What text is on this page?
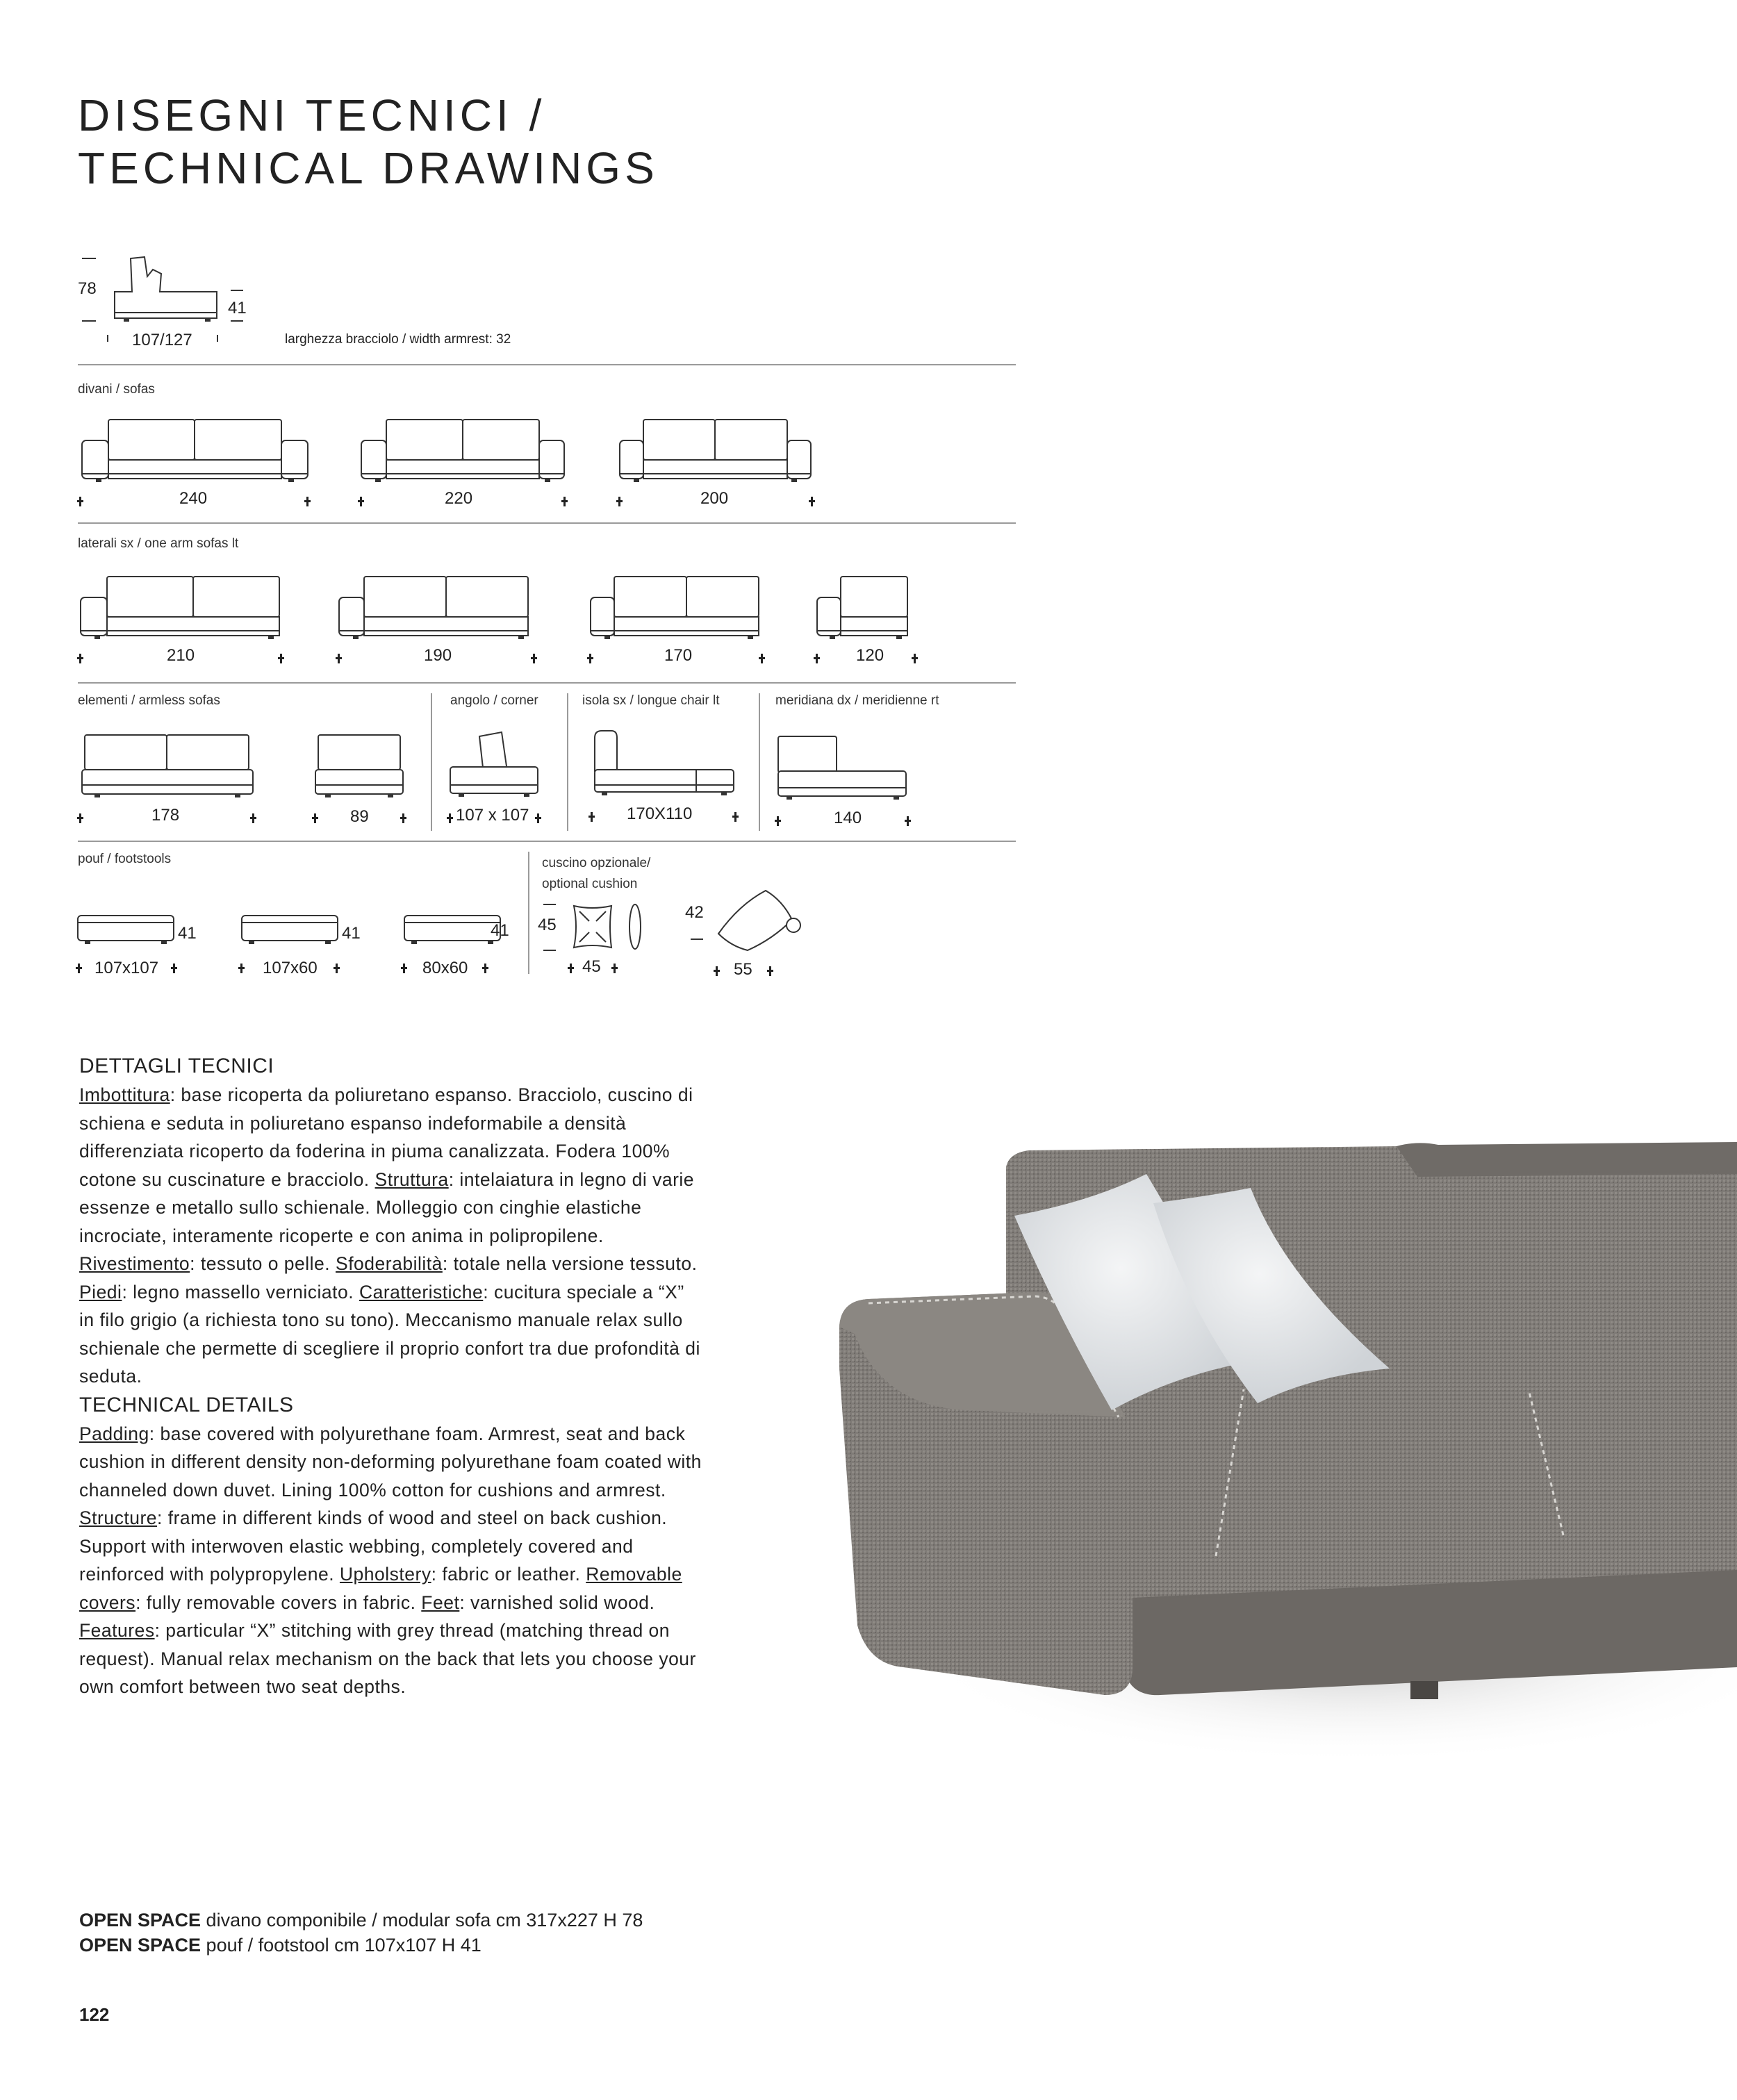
DISEGNI TECNICI /
TECHNICAL DRAWINGS
78
41
107/127	larghezza bracciolo / width armrest: 32
divani / sofas
240	220	200
laterali sx / one arm sofas lt
210	190	170	120
elementi / armless sofas	angolo / corner	isola sx / longue chair lt	meridiana dx / meridienne rt
178	89	107 x 107	170X110	140
pouf / footstools
41	41	41
107x107	107x60	80x60
cuscino opzionale/
optional cushion
45
42
45	55
DETTAGLI TECNICI

Imbottitura: base ricoperta da poliuretano espanso. Bracciolo, cuscino di schiena e seduta in poliuretano espanso indeformabile a densità differenziata ricoperto da foderina in piuma canalizzata. Fodera 100% cotone su cuscinature e bracciolo. Struttura: intelaiatura in legno di varie essenze e metallo sullo schienale. Molleggio con cinghie elastiche incrociate, interamente ricoperte e con anima in polipropilene. Rivestimento: tessuto o pelle. Sfoderabilità: totale nella versione tessuto. Piedi: legno massello verniciato. Caratteristiche: cucitura speciale a “X” in filo grigio (a richiesta tono su tono). Meccanismo manuale relax sullo schienale che permette di scegliere il proprio confort tra due profondità di seduta.

TECHNICAL DETAILS

Padding: base covered with polyurethane foam. Armrest, seat and back cushion in different density non-deforming polyurethane foam coated with channeled down duvet. Lining 100% cotton for cushions and armrest. Structure: frame in different kinds of wood and steel on back cushion. Support with interwoven elastic webbing, completely covered and reinforced with polypropylene. Upholstery: fabric or leather. Removable covers: fully removable covers in fabric. Feet: varnished solid wood. Features: particular “X” stitching with grey thread (matching thread on request). Manual relax mechanism on the back that lets you choose your own comfort between two seat depths.

OPEN SPACE divano componibile / modular sofa cm 317x227 H 78
OPEN SPACE pouf / footstool cm 107x107 H 41
122
